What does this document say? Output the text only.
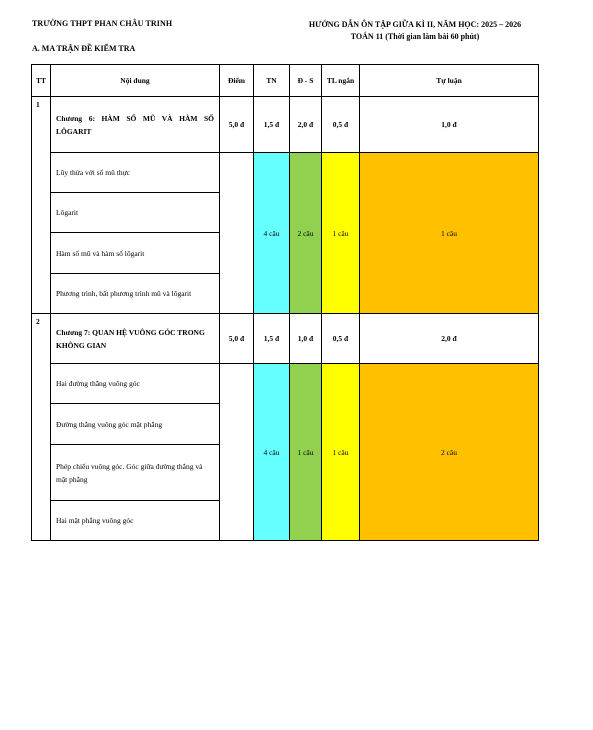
TRƯỜNG THPT PHAN CHÂU TRINH	HƯỚNG DẪN ÔN TẬP GIỮA KÌ II, NĂM HỌC: 2025 – 2026
TOÁN 11 (Thời gian làm bài 60 phút)
A. MA TRẬN ĐỀ KIỂM TRA
TT	Nội dung	Điểm	TN	Đ - S	TL ngắn	Tự luận
1	Chương 6: HÀM SỐ MŨ VÀ HÀM SỐ LÔGARIT	5,0 đ	1,5 đ	2,0 đ	0,5 đ	1,0 đ
	Lũy thừa với số mũ thực		4 câu	2 câu	1 câu	1 câu
	Lôgarit					
	Hàm số mũ và hàm số lôgarit					
	Phương trình, bất phương trình mũ và lôgarit					
2	Chương 7: QUAN HỆ VUÔNG GÓC TRONG KHÔNG GIAN	5,0 đ	1,5 đ	1,0 đ	0,5 đ	2,0 đ
	Hai đường thẳng vuông góc		4 câu	1 câu	1 câu	2 câu
	Đường thẳng vuông góc mặt phẳng					
	Phép chiếu vuông góc. Góc giữa đường thẳng và mặt phẳng					
	Hai mặt phẳng vuông góc					
